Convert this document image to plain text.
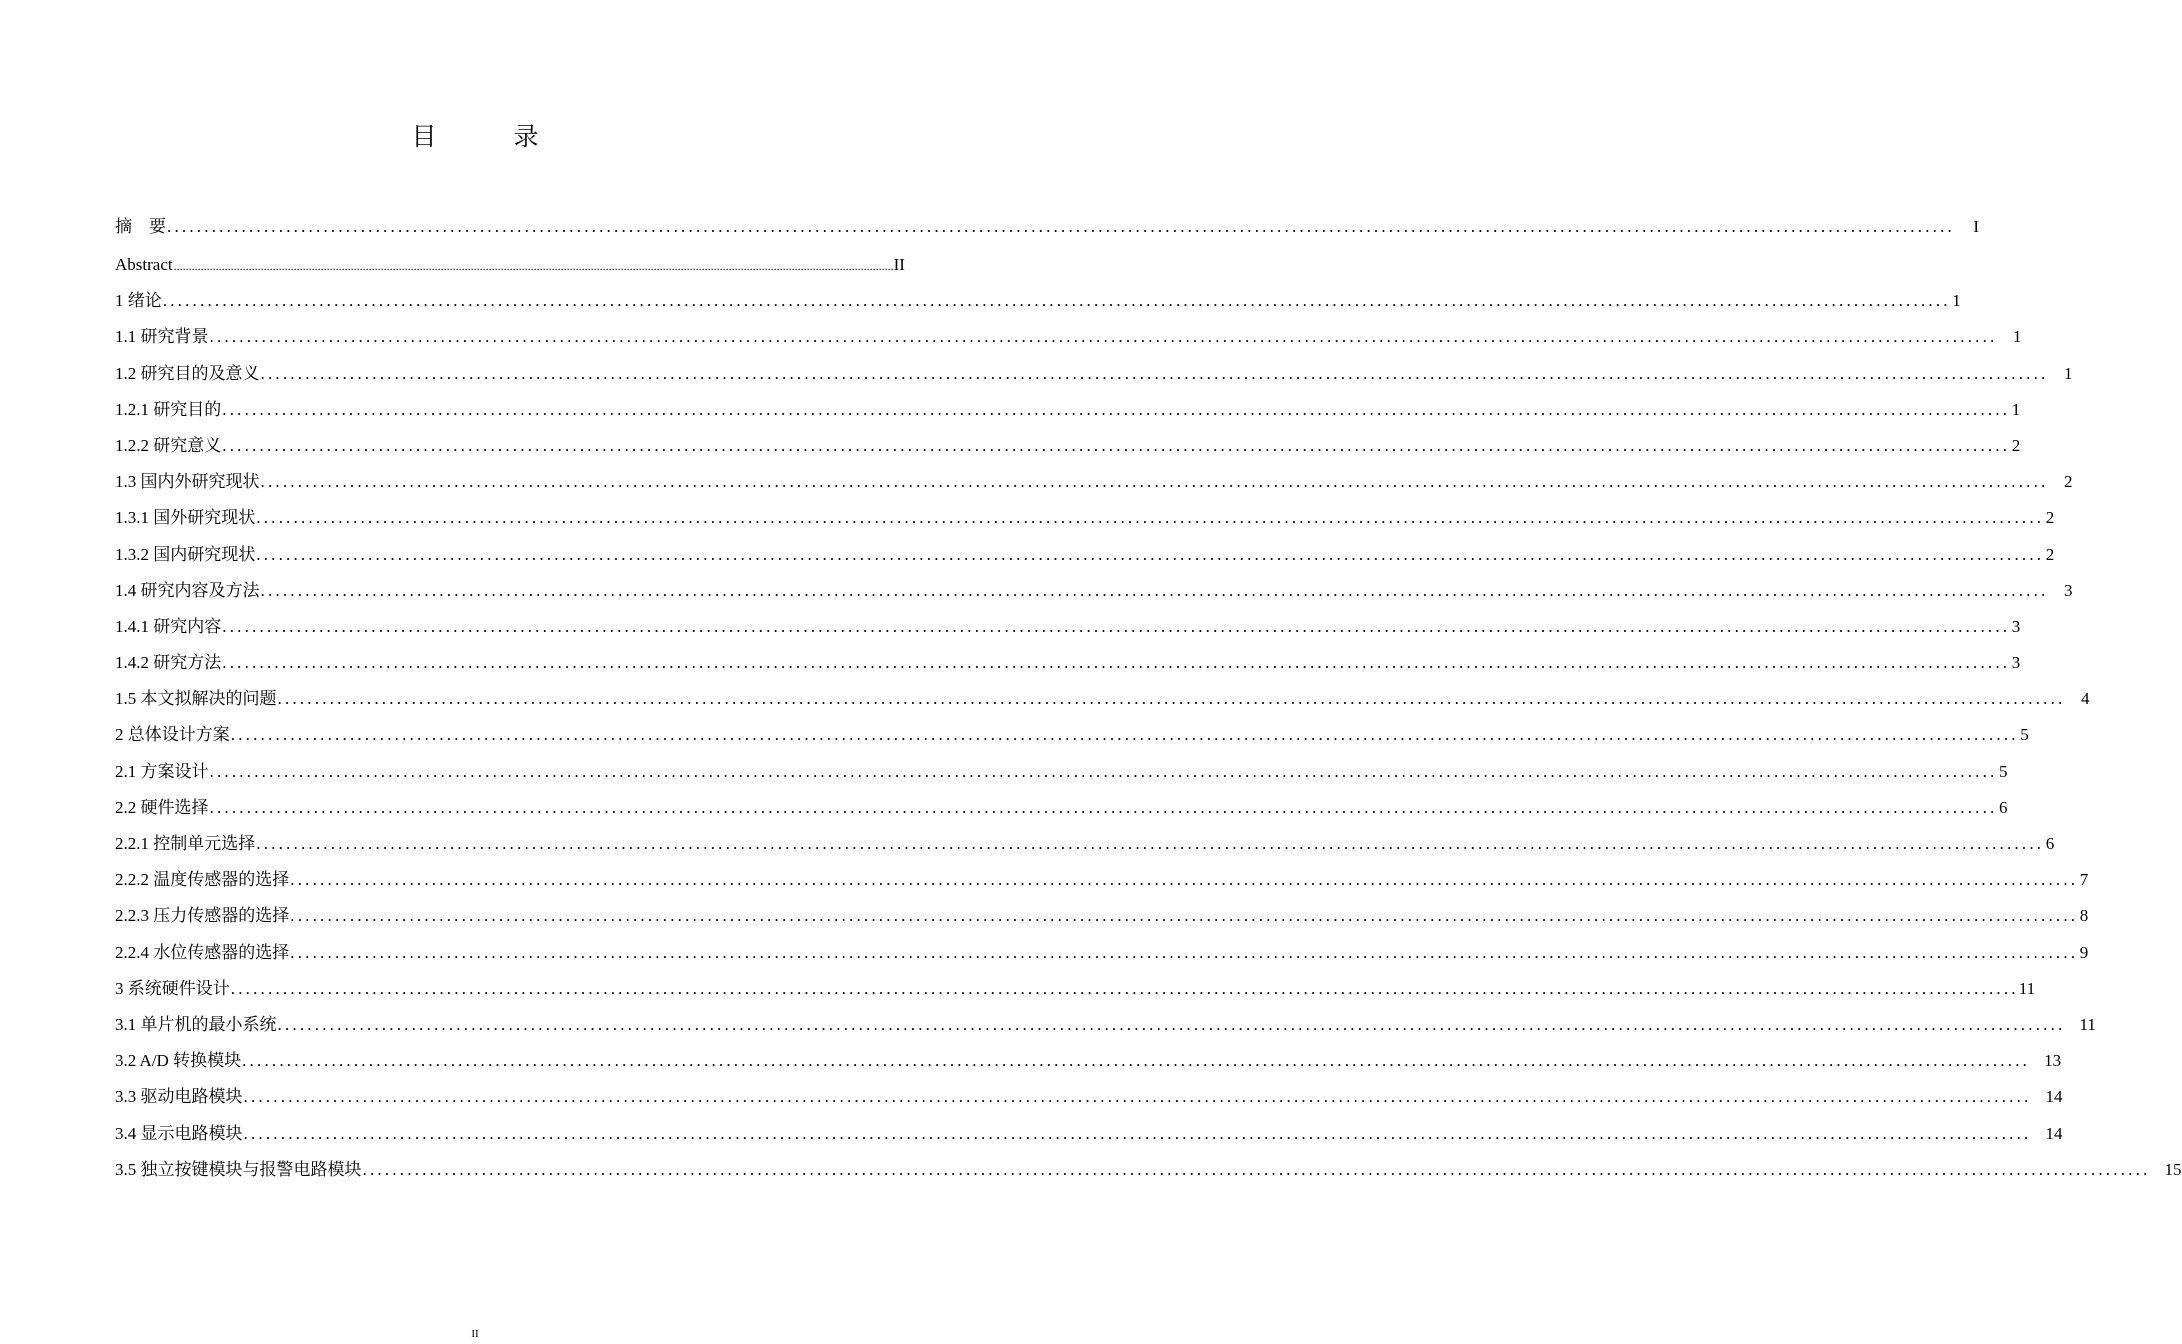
目　录
摘　要 ................................................................................................................................................................................................................................................	I
Abstract ................................................................................................................................................................................................................................................ II
1 绪论 ................................................................................................................................................................................................................................................ 1
1.1 研究背景 ................................................................................................................................................................................................................................................ 1
1.2 研究目的及意义 ................................................................................................................................................................................................................................................ 1
1.2.1 研究目的 ................................................................................................................................................................................................................................................ 1
1.2.2 研究意义 ................................................................................................................................................................................................................................................ 2
1.3 国内外研究现状 ................................................................................................................................................................................................................................................ 2
1.3.1 国外研究现状 ................................................................................................................................................................................................................................................ 2
1.3.2 国内研究现状 ................................................................................................................................................................................................................................................ 2
1.4 研究内容及方法 ................................................................................................................................................................................................................................................ 3
1.4.1 研究内容 ................................................................................................................................................................................................................................................ 3
1.4.2 研究方法 ................................................................................................................................................................................................................................................ 3
1.5 本文拟解决的问题 ................................................................................................................................................................................................................................................ 4
2 总体设计方案 ................................................................................................................................................................................................................................................ 5
2.1 方案设计 ................................................................................................................................................................................................................................................ 5
2.2 硬件选择 ................................................................................................................................................................................................................................................ 6
2.2.1 控制单元选择 ................................................................................................................................................................................................................................................ 6
2.2.2 温度传感器的选择 ................................................................................................................................................................................................................................................ 7
2.2.3 压力传感器的选择 ................................................................................................................................................................................................................................................ 8
2.2.4 水位传感器的选择 ................................................................................................................................................................................................................................................ 9
3 系统硬件设计 ................................................................................................................................................................................................................................................ 11
3.1 单片机的最小系统 ................................................................................................................................................................................................................................................ 11
3.2 A/D 转换模块 ................................................................................................................................................................................................................................................ 13
3.3 驱动电路模块 ................................................................................................................................................................................................................................................ 14
3.4 显示电路模块 ................................................................................................................................................................................................................................................ 14
3.5 独立按键模块与报警电路模块 ................................................................................................................................................................................................................................................ 15
II
